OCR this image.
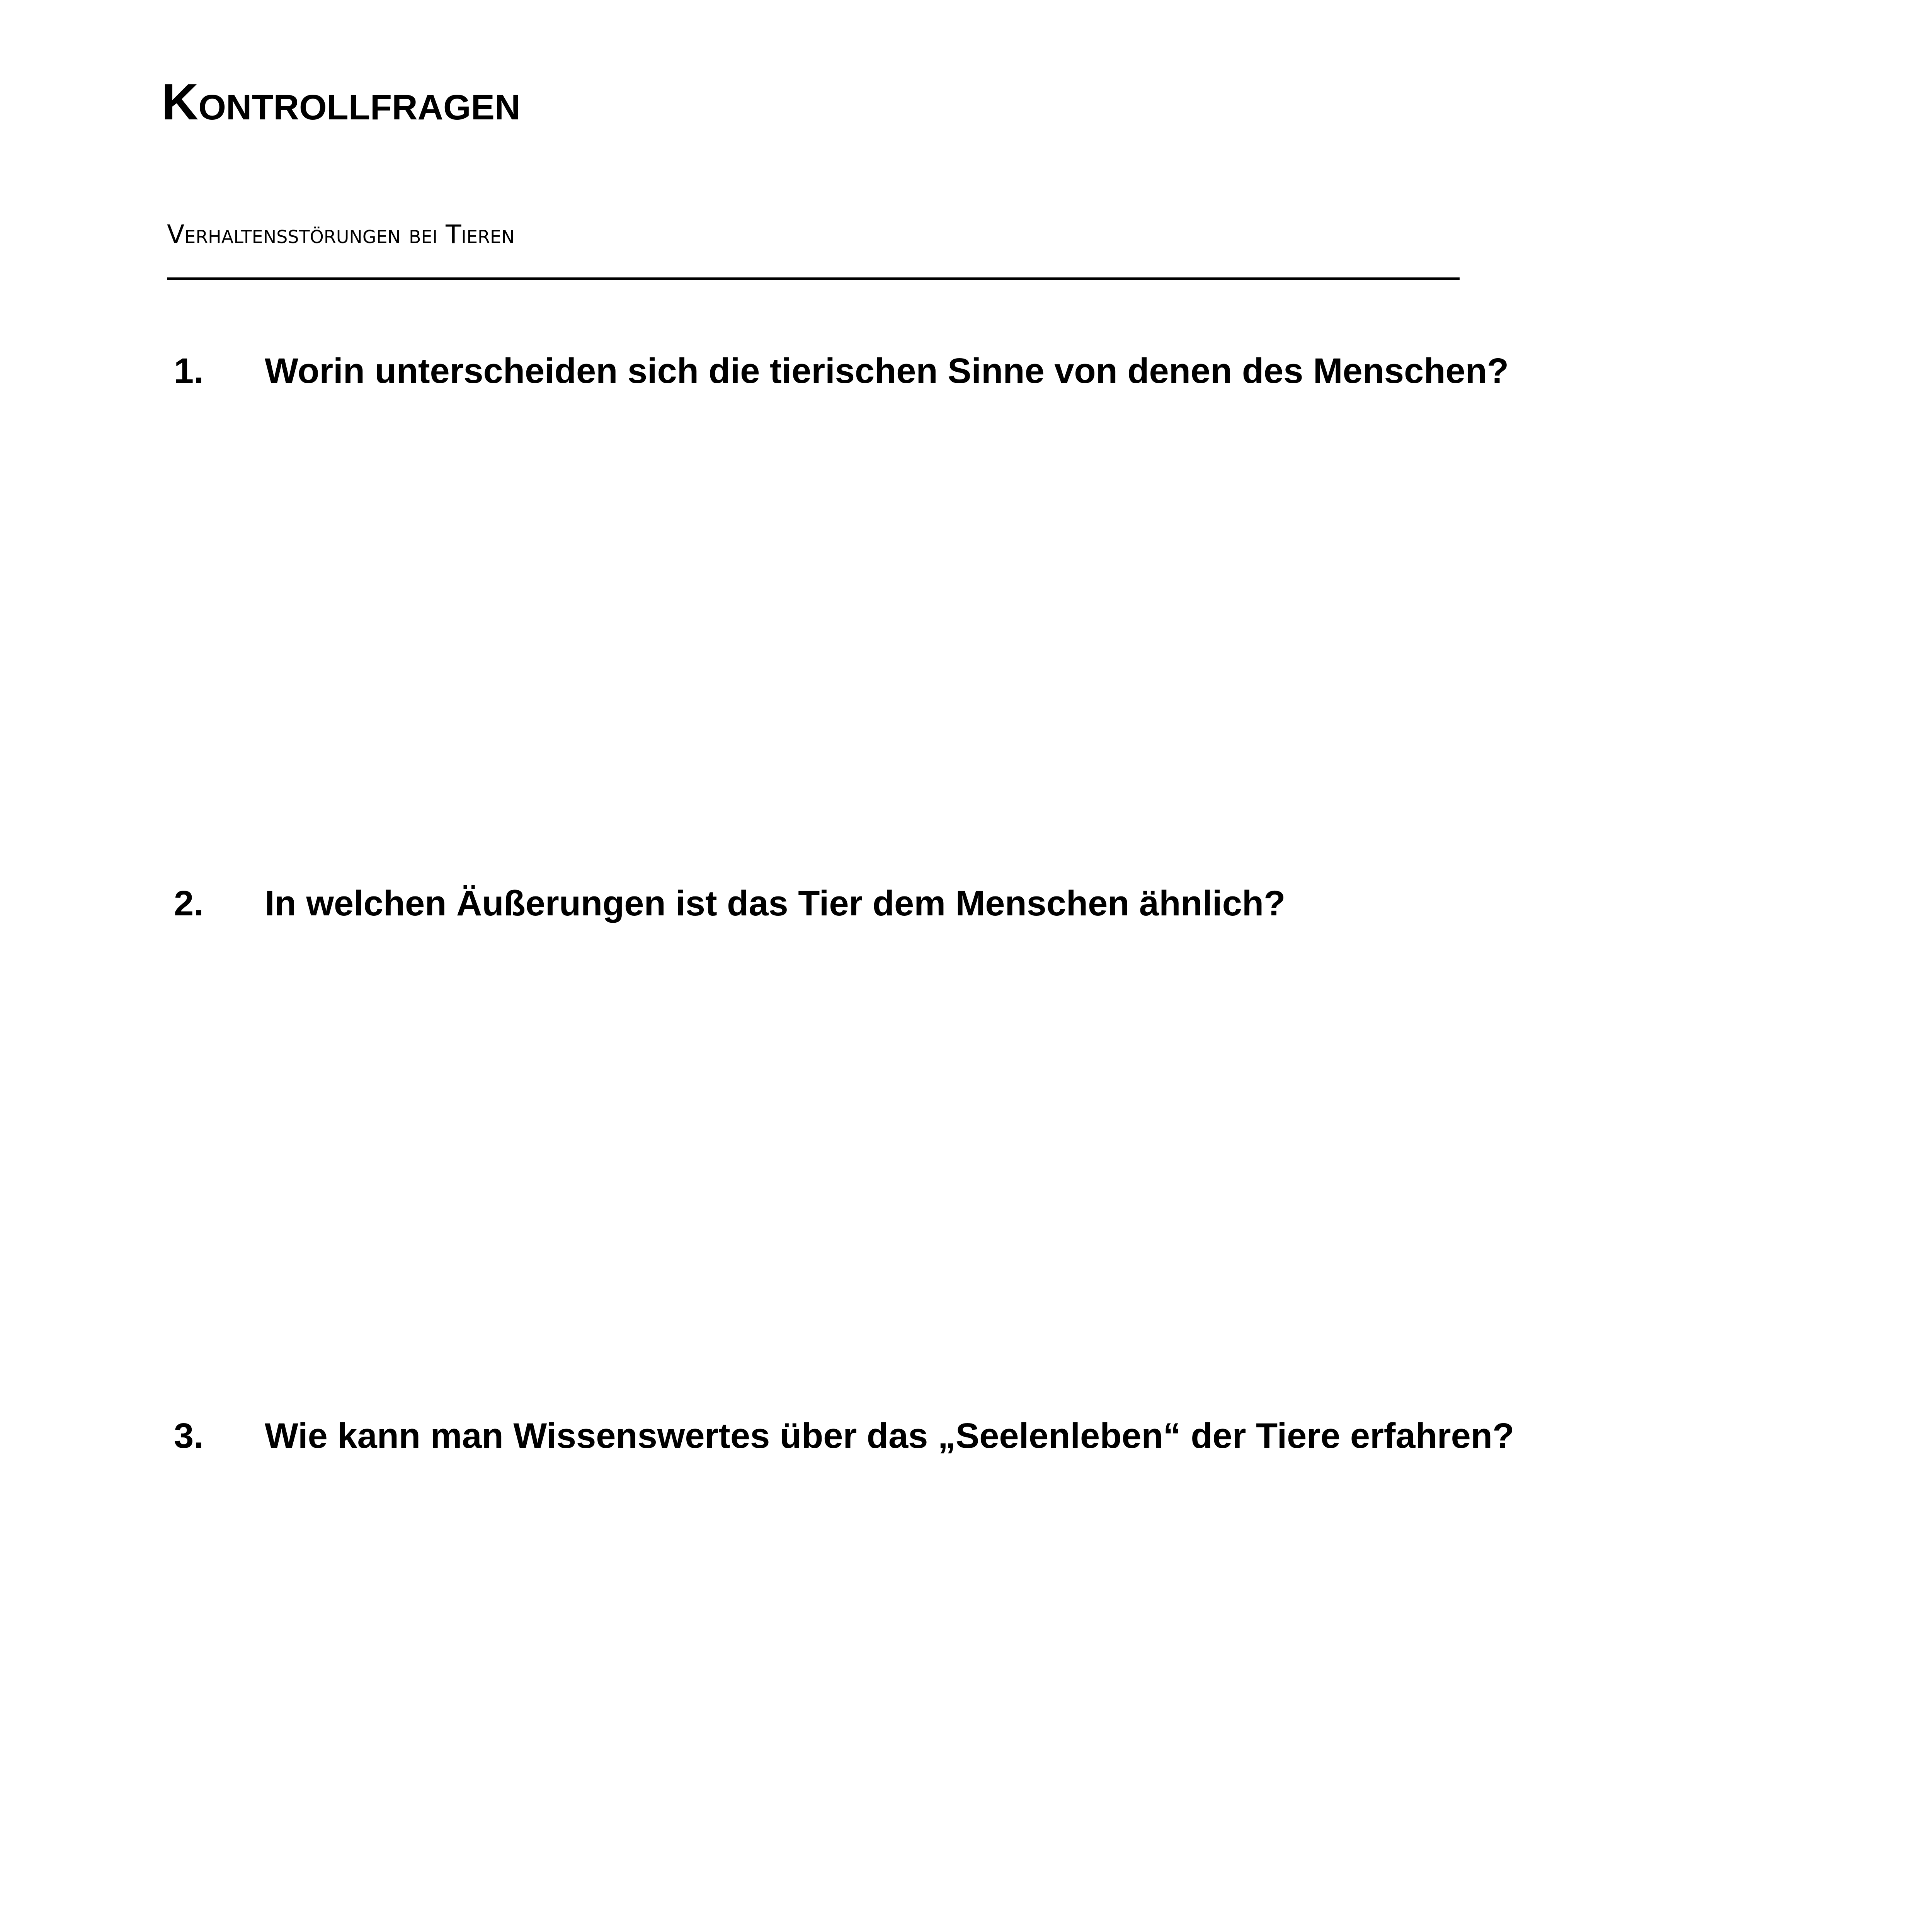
Kontrollfragen
Verhaltensstörungen bei Tieren
1.	Worin unterscheiden sich die tierischen Sinne von denen des Menschen?
2.	In welchen Äußerungen ist das Tier dem Menschen ähnlich?
3.	Wie kann man Wissenswertes über das „Seelenleben“ der Tiere erfahren?
